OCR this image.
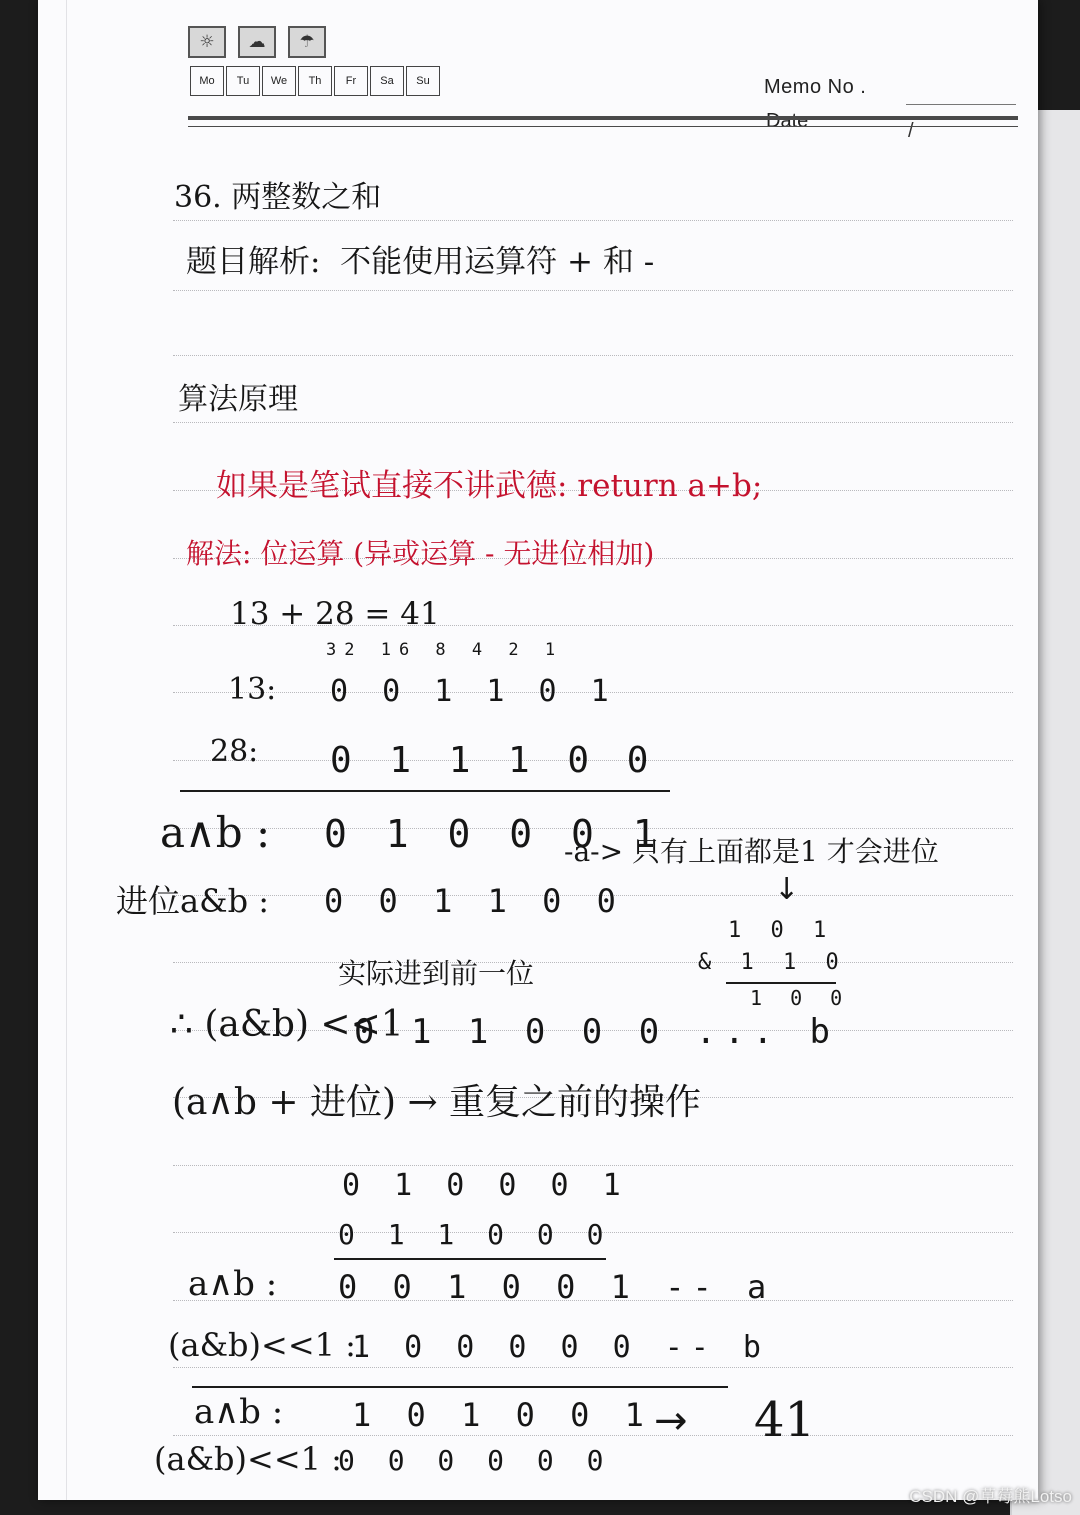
☼	☁	☂
Mo	Tu	We	Th	Fr	Sa	Su	Memo No .
Date	/
36. 两整数之和
题目解析:  不能使用运算符 + 和 -
算法原理
如果是笔试直接不讲武德: return a+b;
解法: 位运算 (异或运算 - 无进位相加)
13 + 28 = 41
32 16 8 4 2 1
13: 0 0 1 1 0 1
28: 0 1 1 1 0 0
a∧b : 0 1 0 0 0 1
-a-> 只有上面都是1 才会进位
↓
进位a&b : 0 0 1 1 0 0
1 0 1
& 1 1 0
1 0 0
实际进到前一位
∴ (a&b) <<1
0 1 1 0 0 0 ... b
(a∧b + 进位) → 重复之前的操作
0 1 0 0 0 1
0 1 1 0 0 0
a∧b : 0 0 1 0 0 1 -- a
(a&b)<<1 :
1 0 0 0 0 0 -- b
a∧b : 1 0 1 0 0 1 → 41
(a&b)<<1 :
0 0 0 0 0 0
CSDN @草莓熊Lotso
